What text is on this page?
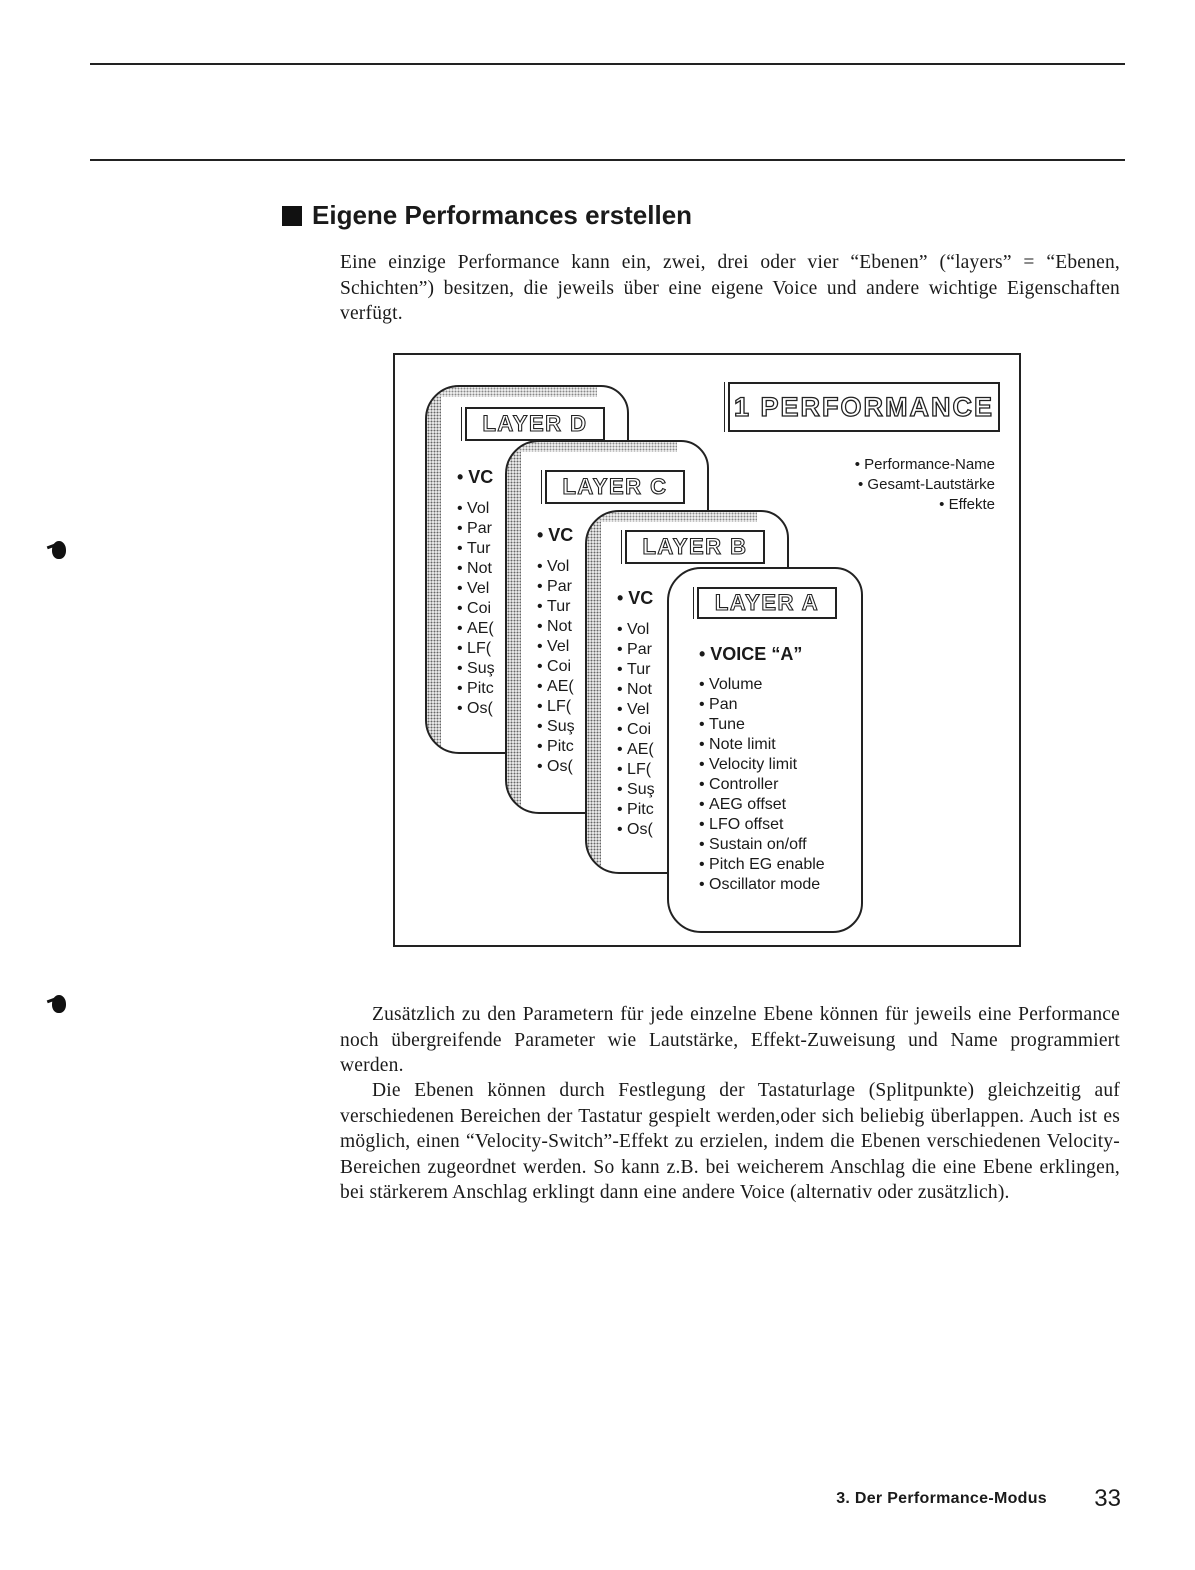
Eigene Performances erstellen

Eine einzige Performance kann ein, zwei, drei oder vier “Ebenen” (“layers” = “Ebenen, Schichten”) besitzen, die jeweils über eine eigene Voice und andere wichtige Eigenschaften verfügt.

1 PERFORMANCE
• Performance-Name
• Gesamt-Lautstärke
• Effekte
LAYER D
• VC
• Vol
• Par
• Tur
• Not
• Vel
• Coi
• AE(
• LF(
• Suş
• Pitc
• Os(
LAYER C
• VC
• Vol
• Par
• Tur
• Not
• Vel
• Coi
• AE(
• LF(
• Suş
• Pitc
• Os(
LAYER B
• VC
• Vol
• Par
• Tur
• Not
• Vel
• Coi
• AE(
• LF(
• Suş
• Pitc
• Os(
LAYER A
• VOICE “A”
• Volume
• Pan
• Tune
• Note limit
• Velocity limit
• Controller
• AEG offset
• LFO offset
• Sustain on/off
• Pitch EG enable
• Oscillator mode

Zusätzlich zu den Parametern für jede einzelne Ebene können für jeweils eine Performance noch übergreifende Parameter wie Lautstärke, Effekt-Zuweisung und Name programmiert werden.

Die Ebenen können durch Festlegung der Tastaturlage (Splitpunkte) gleichzeitig auf verschiedenen Bereichen der Tastatur gespielt werden,oder sich beliebig überlappen. Auch ist es möglich, einen “Velocity-Switch”-Effekt zu erzielen, indem die Ebenen verschiedenen Velocity-Bereichen zugeordnet werden. So kann z.B. bei weicherem Anschlag die eine Ebene erklingen, bei stärkerem Anschlag erklingt dann eine andere Voice (alternativ oder zusätzlich).

3. Der Performance-Modus 33
